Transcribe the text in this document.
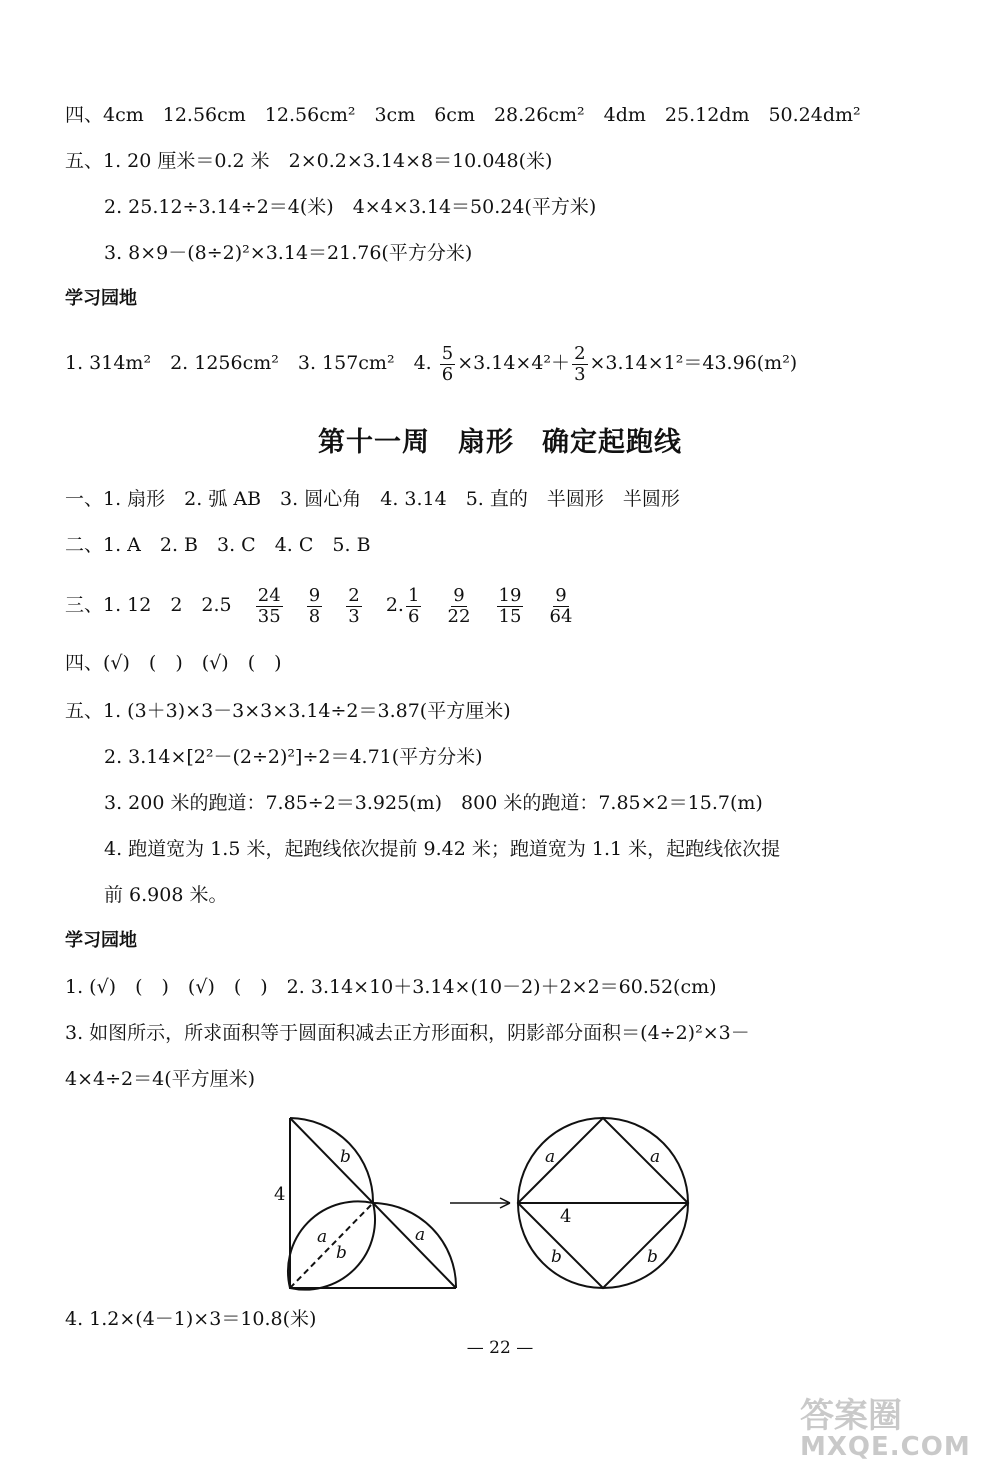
四、4cm　12.56cm　12.56cm²　3cm　6cm　28.26cm²　4dm　25.12dm　50.24dm²
五、1. 20 厘米＝0.2 米　2×0.2×3.14×8＝10.048(米)
2. 25.12÷3.14÷2＝4(米)　4×4×3.14＝50.24(平方米)
3. 8×9－(8÷2)²×3.14＝21.76(平方分米)
学习园地
1. 314m²　2. 1256cm²　3. 157cm²　4. $\frac{5}{6} \times 3.14\times 4^2+ \frac{2}{3} \times 3.14\times 1^2=43.96(m^2)$
第十一周 扇形 确定起跑线
一、1. 扇形　2. 弧 AB　3. 圆心角　4. 3.14　5. 直的　半圆形　半圆形
二、1. A　2. B　3. C　4. C　5. B
三、1. 12　2　$2.5 \frac{24}{35}$
$\frac{9}{8}$
$\frac{2}{3} 2$. $\frac{1}{6}$
$\frac{9}{22}$
$\frac{19}{15}$
$\frac{9}{64}$
四、(√)　(　)　(√)　(　)
五、1. (3＋3)×3－3×3×3.14÷2＝3.87(平方厘米)
2. 3.14×[2²－(2÷2)²]÷2＝4.71(平方分米)
3. 200 米的跑道：7.85÷2＝3.925(m)　800 米的跑道：7.85×2＝15.7(m)
4. 跑道宽为 1.5 米，起跑线依次提前 9.42 米；跑道宽为 1.1 米，起跑线依次提
前 6.908 米。
学习园地
1. (√)　(　)　(√)　(　)　2. 3.14×10＋3.14×(10－2)＋2×2＝60.52(cm)
3. 如图所示，所求面积等于圆面积减去正方形面积，阴影部分面积＝(4÷2)²×3－
4×4÷2＝4(平方厘米)
4
b
a
b
a
a	a
4
b	b
4. 1.2×(4－1)×3＝10.8(米)
— 22 —
答案圈
MXQE.COM
